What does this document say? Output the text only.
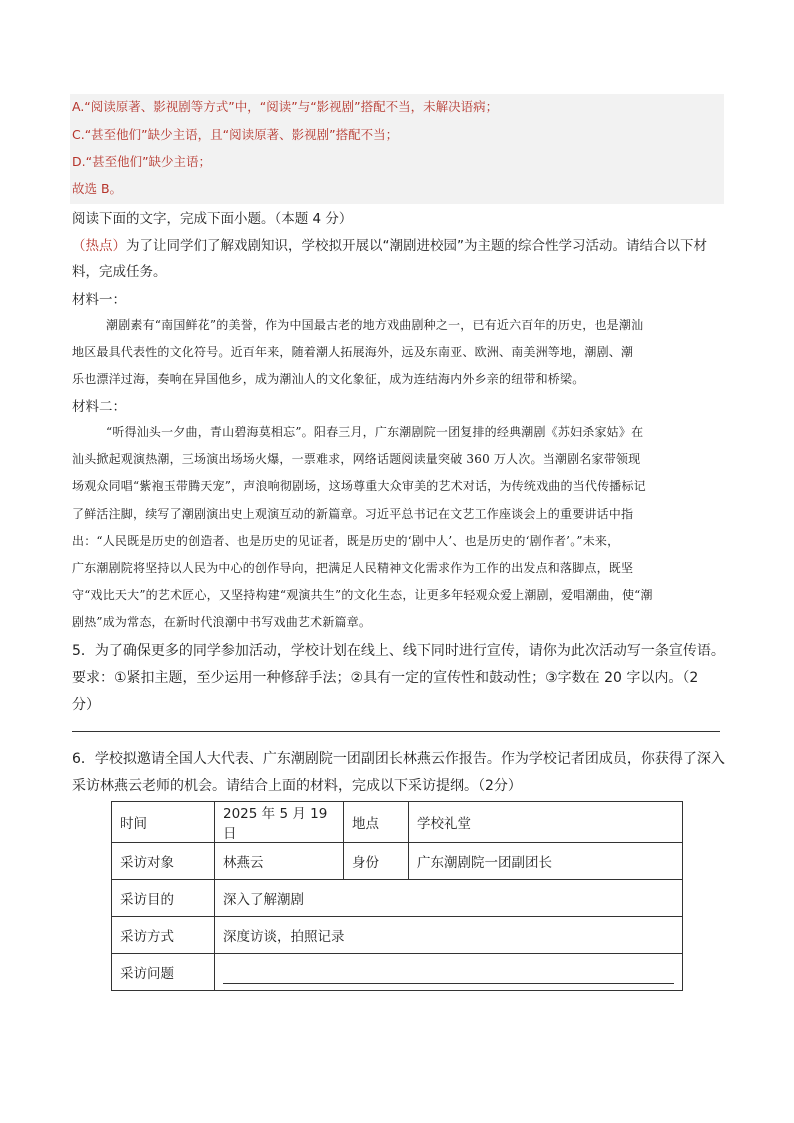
A.“阅读原著、影视剧等方式”中，“阅读”与“影视剧”搭配不当，未解决语病；
C.“甚至他们”缺少主语，且“阅读原著、影视剧”搭配不当；
D.“甚至他们”缺少主语；
故选 B。
阅读下面的文字，完成下面小题。（本题 4 分）
（热点）为了让同学们了解戏剧知识，学校拟开展以“潮剧进校园”为主题的综合性学习活动。请结合以下材
料，完成任务。
材料一：
潮剧素有“南国鲜花”的美誉，作为中国最古老的地方戏曲剧种之一，已有近六百年的历史，也是潮汕
地区最具代表性的文化符号。近百年来，随着潮人拓展海外，远及东南亚、欧洲、南美洲等地，潮剧、潮
乐也漂洋过海，奏响在异国他乡，成为潮汕人的文化象征，成为连结海内外乡亲的纽带和桥梁。
材料二：
“听得汕头一夕曲，青山碧海莫相忘”。阳春三月，广东潮剧院一团复排的经典潮剧《苏妇杀家姑》在
汕头掀起观演热潮，三场演出场场火爆，一票难求，网络话题阅读量突破 360 万人次。当潮剧名家带领现
场观众同唱“紫袍玉带腾天宠”，声浪响彻剧场，这场尊重大众审美的艺术对话，为传统戏曲的当代传播标记
了鲜活注脚，续写了潮剧演出史上观演互动的新篇章。习近平总书记在文艺工作座谈会上的重要讲话中指
出：“人民既是历史的创造者、也是历史的见证者，既是历史的‘剧中人’、也是历史的‘剧作者’。”未来，
广东潮剧院将坚持以人民为中心的创作导向，把满足人民精神文化需求作为工作的出发点和落脚点，既坚
守“戏比天大”的艺术匠心，又坚持构建“观演共生”的文化生态，让更多年轻观众爱上潮剧，爱唱潮曲，使“潮
剧热”成为常态，在新时代浪潮中书写戏曲艺术新篇章。
5．为了确保更多的同学参加活动，学校计划在线上、线下同时进行宣传，请你为此次活动写一条宣传语。
要求：①紧扣主题，至少运用一种修辞手法；②具有一定的宣传性和鼓动性；③字数在 20 字以内。（2
分）
6．学校拟邀请全国人大代表、广东潮剧院一团副团长林燕云作报告。作为学校记者团成员，你获得了深入
采访林燕云老师的机会。请结合上面的材料，完成以下采访提纲。（2分）
时间	2025 年 5 月 19 日	地点	学校礼堂
采访对象	林燕云	身份	广东潮剧院一团副团长
采访目的	深入了解潮剧		
采访方式	深度访谈，拍照记录		
采访问题			
